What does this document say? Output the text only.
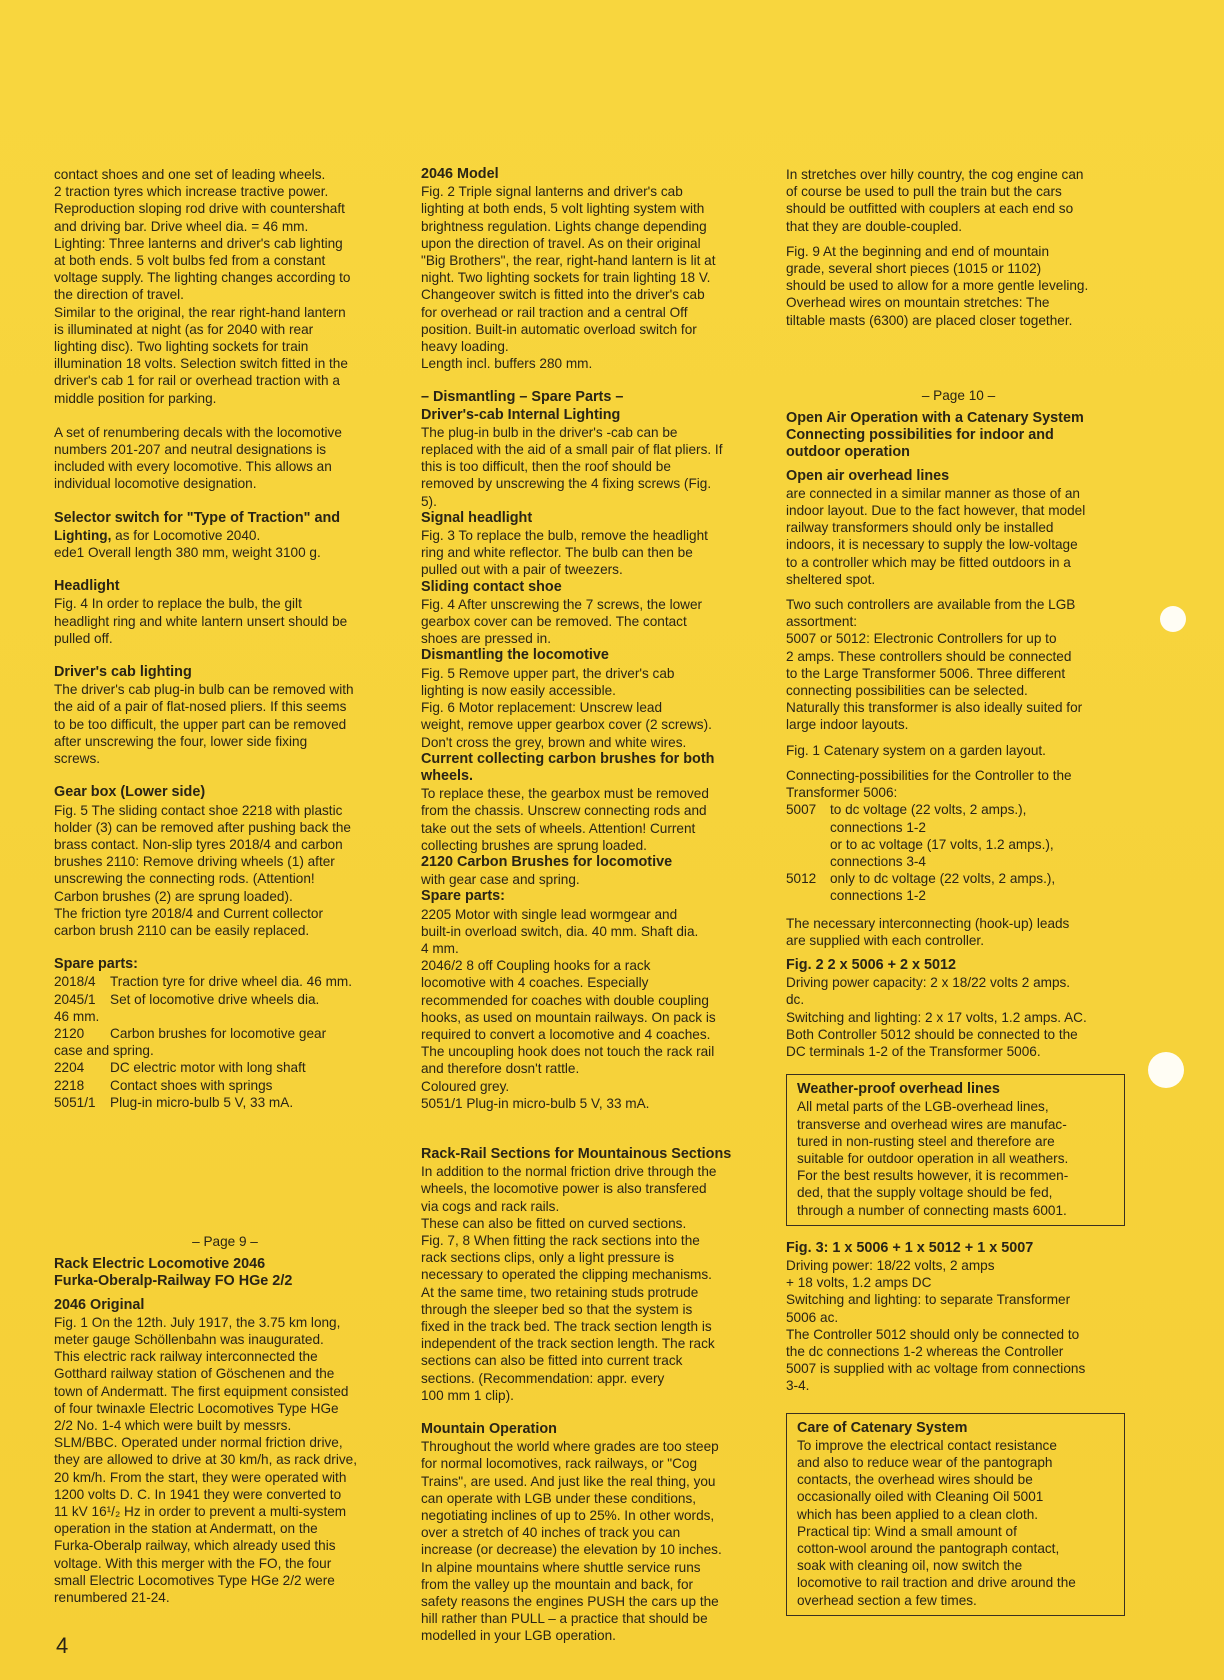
contact shoes and one set of leading wheels.

2 traction tyres which increase tractive power.

Reproduction sloping rod drive with countershaft

and driving bar. Drive wheel dia. = 46 mm.

Lighting: Three lanterns and driver's cab lighting

at both ends. 5 volt bulbs fed from a constant

voltage supply. The lighting changes according to

the direction of travel.

Similar to the original, the rear right-hand lantern

is illuminated at night (as for 2040 with rear

lighting disc). Two lighting sockets for train

illumination 18 volts. Selection switch fitted in the

driver's cab 1 for rail or overhead traction with a

middle position for parking.

A set of renumbering decals with the locomotive

numbers 201-207 and neutral designations is

included with every locomotive. This allows an

individual locomotive designation.

Selector switch for "Type of Traction" and

Lighting, as for Locomotive 2040.

ede1 Overall length 380 mm, weight 3100 g.

Headlight

Fig. 4 In order to replace the bulb, the gilt

headlight ring and white lantern unsert should be

pulled off.

Driver's cab lighting

The driver's cab plug-in bulb can be removed with

the aid of a pair of flat-nosed pliers. If this seems

to be too difficult, the upper part can be removed

after unscrewing the four, lower side fixing

screws.

Gear box (Lower side)

Fig. 5 The sliding contact shoe 2218 with plastic

holder (3) can be removed after pushing back the

brass contact. Non-slip tyres 2018/4 and carbon

brushes 2110: Remove driving wheels (1) after

unscrewing the connecting rods. (Attention!

Carbon brushes (2) are sprung loaded).

The friction tyre 2018/4 and Current collector

carbon brush 2110 can be easily replaced.

Spare parts:

2018/4 Traction tyre for drive wheel dia. 46 mm.

2045/1 Set of locomotive drive wheels dia.

46 mm.

2120 Carbon brushes for locomotive gear

case and spring.

2204 DC electric motor with long shaft

2218 Contact shoes with springs

5051/1 Plug-in micro-bulb 5 V, 33 mA.

– Page 9 –

Rack Electric Locomotive 2046

Furka-Oberalp-Railway FO HGe 2/2

2046 Original

Fig. 1 On the 12th. July 1917, the 3.75 km long,

meter gauge Schöllenbahn was inaugurated.

This electric rack railway interconnected the

Gotthard railway station of Göschenen and the

town of Andermatt. The first equipment consisted

of four twinaxle Electric Locomotives Type HGe

2/2 No. 1-4 which were built by messrs.

SLM/BBC. Operated under normal friction drive,

they are allowed to drive at 30 km/h, as rack drive,

20 km/h. From the start, they were operated with

1200 volts D. C. In 1941 they were converted to

11 kV 16¹/₂ Hz in order to prevent a multi-system

operation in the station at Andermatt, on the

Furka-Oberalp railway, which already used this

voltage. With this merger with the FO, the four

small Electric Locomotives Type HGe 2/2 were

renumbered 21-24.

2046 Model

Fig. 2 Triple signal lanterns and driver's cab

lighting at both ends, 5 volt lighting system with

brightness regulation. Lights change depending

upon the direction of travel. As on their original

"Big Brothers", the rear, right-hand lantern is lit at

night. Two lighting sockets for train lighting 18 V.

Changeover switch is fitted into the driver's cab

for overhead or rail traction and a central Off

position. Built-in automatic overload switch for

heavy loading.

Length incl. buffers 280 mm.

– Dismantling – Spare Parts –

Driver's-cab Internal Lighting

The plug-in bulb in the driver's -cab can be

replaced with the aid of a small pair of flat pliers. If

this is too difficult, then the roof should be

removed by unscrewing the 4 fixing screws (Fig.

5).

Signal headlight

Fig. 3 To replace the bulb, remove the headlight

ring and white reflector. The bulb can then be

pulled out with a pair of tweezers.

Sliding contact shoe

Fig. 4 After unscrewing the 7 screws, the lower

gearbox cover can be removed. The contact

shoes are pressed in.

Dismantling the locomotive

Fig. 5 Remove upper part, the driver's cab

lighting is now easily accessible.

Fig. 6 Motor replacement: Unscrew lead

weight, remove upper gearbox cover (2 screws).

Don't cross the grey, brown and white wires.

Current collecting carbon brushes for both

wheels.

To replace these, the gearbox must be removed

from the chassis. Unscrew connecting rods and

take out the sets of wheels. Attention! Current

collecting brushes are sprung loaded.

2120 Carbon Brushes for locomotive

with gear case and spring.

Spare parts:

2205 Motor with single lead wormgear and

built-in overload switch, dia. 40 mm. Shaft dia.

4 mm.

2046/2 8 off Coupling hooks for a rack

locomotive with 4 coaches. Especially

recommended for coaches with double coupling

hooks, as used on mountain railways. On pack is

required to convert a locomotive and 4 coaches.

The uncoupling hook does not touch the rack rail

and therefore dosn't rattle.

Coloured grey.

5051/1 Plug-in micro-bulb 5 V, 33 mA.

Rack-Rail Sections for Mountainous Sections

In addition to the normal friction drive through the

wheels, the locomotive power is also transfered

via cogs and rack rails.

These can also be fitted on curved sections.

Fig. 7, 8 When fitting the rack sections into the

rack sections clips, only a light pressure is

necessary to operated the clipping mechanisms.

At the same time, two retaining studs protrude

through the sleeper bed so that the system is

fixed in the track bed. The track section length is

independent of the track section length. The rack

sections can also be fitted into current track

sections. (Recommendation: appr. every

100 mm 1 clip).

Mountain Operation

Throughout the world where grades are too steep

for normal locomotives, rack railways, or "Cog

Trains", are used. And just like the real thing, you

can operate with LGB under these conditions,

negotiating inclines of up to 25%. In other words,

over a stretch of 40 inches of track you can

increase (or decrease) the elevation by 10 inches.

In alpine mountains where shuttle service runs

from the valley up the mountain and back, for

safety reasons the engines PUSH the cars up the

hill rather than PULL – a practice that should be

modelled in your LGB operation.

In stretches over hilly country, the cog engine can

of course be used to pull the train but the cars

should be outfitted with couplers at each end so

that they are double-coupled.

Fig. 9 At the beginning and end of mountain

grade, several short pieces (1015 or 1102)

should be used to allow for a more gentle leveling.

Overhead wires on mountain stretches: The

tiltable masts (6300) are placed closer together.

– Page 10 –

Open Air Operation with a Catenary System

Connecting possibilities for indoor and

outdoor operation

Open air overhead lines

are connected in a similar manner as those of an

indoor layout. Due to the fact however, that model

railway transformers should only be installed

indoors, it is necessary to supply the low-voltage

to a controller which may be fitted outdoors in a

sheltered spot.

Two such controllers are available from the LGB

assortment:

5007 or 5012: Electronic Controllers for up to

2 amps. These controllers should be connected

to the Large Transformer 5006. Three different

connecting possibilities can be selected.

Naturally this transformer is also ideally suited for

large indoor layouts.

Fig. 1 Catenary system on a garden layout.

Connecting-possibilities for the Controller to the

Transformer 5006:

5007 to dc voltage (22 volts, 2 amps.),

connections 1-2

or to ac voltage (17 volts, 1.2 amps.),

connections 3-4

5012 only to dc voltage (22 volts, 2 amps.),

connections 1-2

The necessary interconnecting (hook-up) leads

are supplied with each controller.

Fig. 2 2 x 5006 + 2 x 5012

Driving power capacity: 2 x 18/22 volts 2 amps.

dc.

Switching and lighting: 2 x 17 volts, 1.2 amps. AC.

Both Controller 5012 should be connected to the

DC terminals 1-2 of the Transformer 5006.

Weather-proof overhead lines

All metal parts of the LGB-overhead lines,

transverse and overhead wires are manufac-

tured in non-rusting steel and therefore are

suitable for outdoor operation in all weathers.

For the best results however, it is recommen-

ded, that the supply voltage should be fed,

through a number of connecting masts 6001.

Fig. 3: 1 x 5006 + 1 x 5012 + 1 x 5007

Driving power: 18/22 volts, 2 amps

+ 18 volts, 1.2 amps DC

Switching and lighting: to separate Transformer

5006 ac.

The Controller 5012 should only be connected to

the dc connections 1-2 whereas the Controller

5007 is supplied with ac voltage from connections

3-4.

Care of Catenary System

To improve the electrical contact resistance

and also to reduce wear of the pantograph

contacts, the overhead wires should be

occasionally oiled with Cleaning Oil 5001

which has been applied to a clean cloth.

Practical tip: Wind a small amount of

cotton-wool around the pantograph contact,

soak with cleaning oil, now switch the

locomotive to rail traction and drive around the

overhead section a few times.

4
